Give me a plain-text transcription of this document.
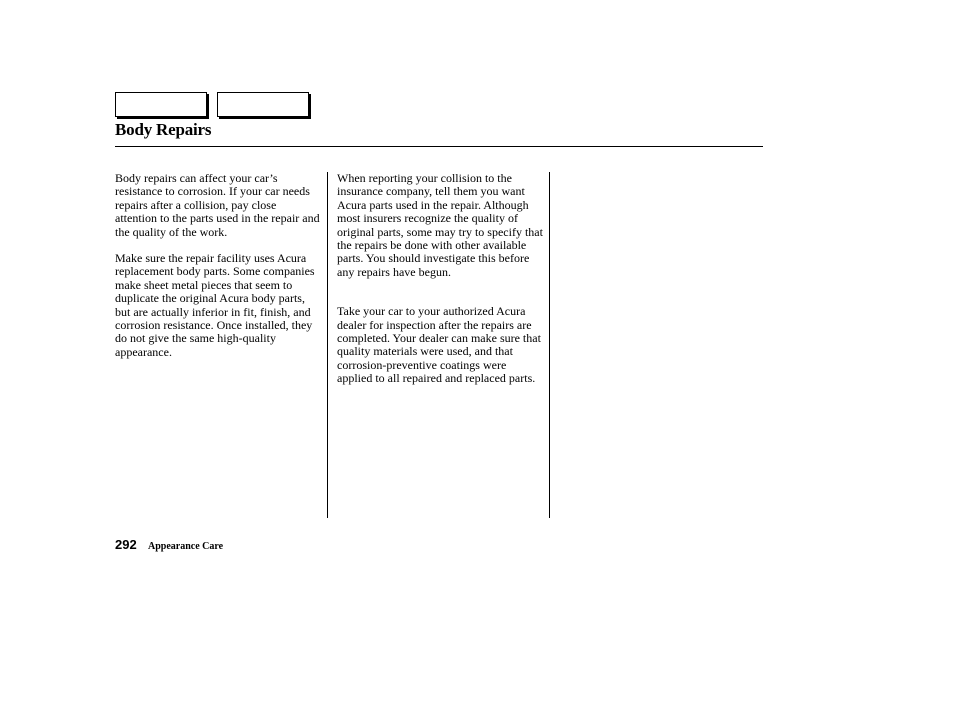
Body Repairs

Body repairs can affect your car’s resistance to corrosion. If your car needs repairs after a collision, pay close attention to the parts used in the repair and the quality of the work.

Make sure the repair facility uses Acura replacement body parts. Some companies make sheet metal pieces that seem to duplicate the original Acura body parts, but are actually inferior in fit, finish, and corrosion resistance. Once installed, they do not give the same high-quality appearance.

When reporting your collision to the insurance company, tell them you want Acura parts used in the repair. Although most insurers recognize the quality of original parts, some may try to specify that the repairs be done with other available parts. You should investigate this before any repairs have begun.

Take your car to your authorized Acura dealer for inspection after the repairs are completed. Your dealer can make sure that quality materials were used, and that corrosion-preventive coatings were applied to all repaired and replaced parts.

292 Appearance Care
